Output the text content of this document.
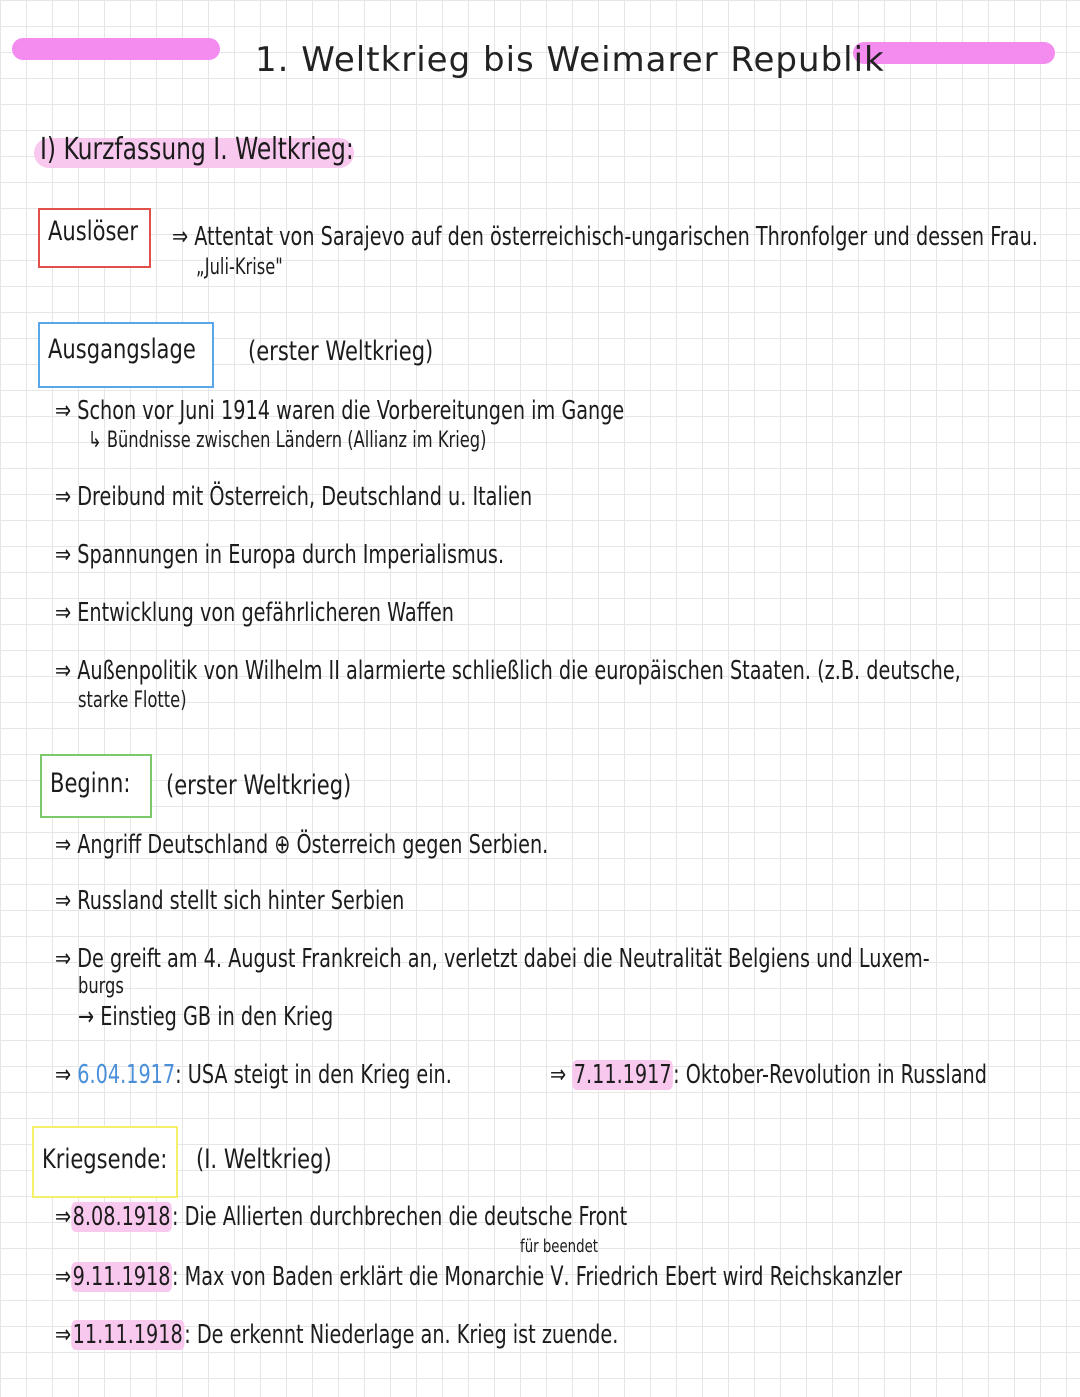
1. Weltkrieg bis Weimarer Republik
I) Kurzfassung I. Weltkrieg:
Auslöser ⇒ Attentat von Sarajevo auf den österreichisch-ungarischen Thronfolger und dessen Frau.
„Juli-Krise"
Ausgangslage (erster Weltkrieg)
⇒ Schon vor Juni 1914 waren die Vorbereitungen im Gange
↳ Bündnisse zwischen Ländern (Allianz im Krieg)
⇒ Dreibund mit Österreich, Deutschland u. Italien
⇒ Spannungen in Europa durch Imperialismus.
⇒ Entwicklung von gefährlicheren Waffen
⇒ Außenpolitik von Wilhelm II alarmierte schließlich die europäischen Staaten. (z.B. deutsche,
starke Flotte)
Beginn: (erster Weltkrieg)
⇒ Angriff Deutschland ⊕ Österreich gegen Serbien.
⇒ Russland stellt sich hinter Serbien
⇒ De greift am 4. August Frankreich an, verletzt dabei die Neutralität Belgiens und Luxem-
burgs
→ Einstieg GB in den Krieg
⇒ 6.04.1917: USA steigt in den Krieg ein.	⇒ 7.11.1917: Oktober-Revolution in Russland
Kriegsende: (I. Weltkrieg)
⇒8.08.1918: Die Allierten durchbrechen die deutsche Front
für beendet
⇒9.11.1918: Max von Baden erklärt die Monarchie ᐯ. Friedrich Ebert wird Reichskanzler
⇒11.11.1918: De erkennt Niederlage an. Krieg ist zuende.
